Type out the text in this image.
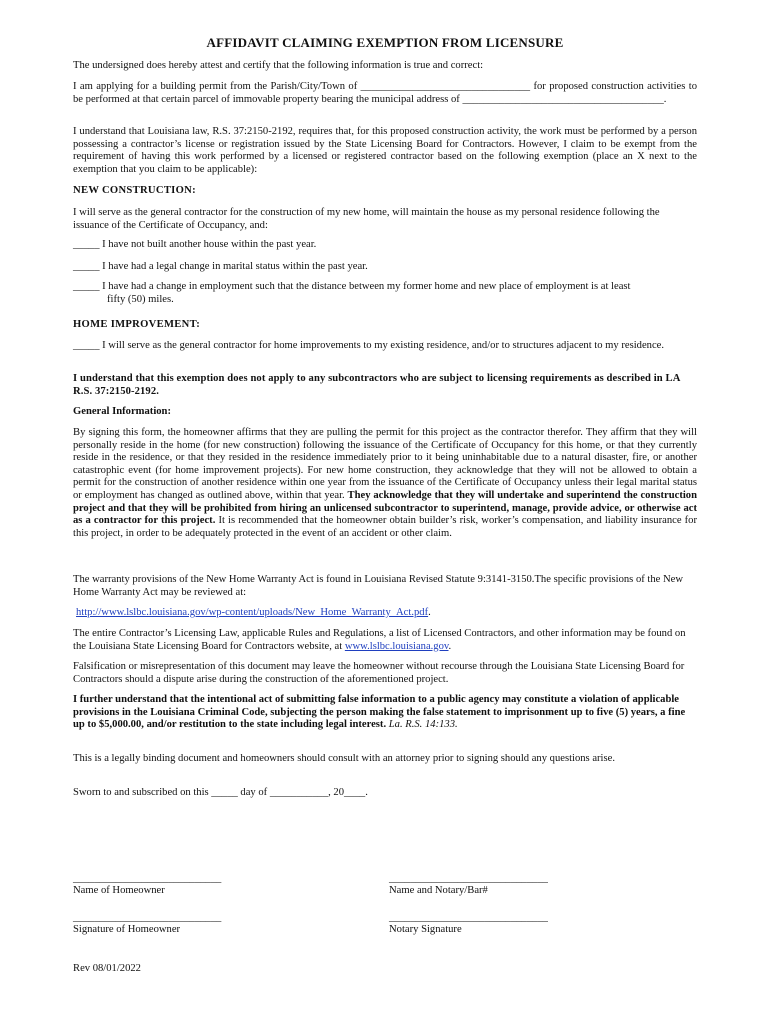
AFFIDAVIT CLAIMING EXEMPTION FROM LICENSURE

The undersigned does hereby attest and certify that the following information is true and correct:

I am applying for a building permit from the Parish/City/Town of ________________________________ for proposed construction activities to be performed at that certain parcel of immovable property bearing the municipal address of ______________________________________.

I understand that Louisiana law, R.S. 37:2150-2192, requires that, for this proposed construction activity, the work must be performed by a person possessing a contractor’s license or registration issued by the State Licensing Board for Contractors. However, I claim to be exempt from the requirement of having this work performed by a licensed or registered contractor based on the following exemption (place an X next to the exemption that you claim to be applicable):

NEW CONSTRUCTION:

I will serve as the general contractor for the construction of my new home, will maintain the house as my personal residence following the issuance of the Certificate of Occupancy, and:

_____ I have not built another house within the past year.
_____ I have had a legal change in marital status within the past year.
_____ I have had a change in employment such that the distance between my former home and new place of employment is at least fifty (50) miles.

HOME IMPROVEMENT:

_____ I will serve as the general contractor for home improvements to my existing residence, and/or to structures adjacent to my residence.

I understand that this exemption does not apply to any subcontractors who are subject to licensing requirements as described in LA R.S. 37:2150-2192.

General Information:

By signing this form, the homeowner affirms that they are pulling the permit for this project as the contractor therefor. They affirm that they will personally reside in the home (for new construction) following the issuance of the Certificate of Occupancy for this home, or that they currently reside in the residence, or that they resided in the residence immediately prior to it being uninhabitable due to a natural disaster, fire, or another catastrophic event (for home improvement projects). For new home construction, they acknowledge that they will not be allowed to obtain a permit for the construction of another residence within one year from the issuance of the Certificate of Occupancy unless their legal marital status or employment has changed as outlined above, within that year. They acknowledge that they will undertake and superintend the construction project and that they will be prohibited from hiring an unlicensed subcontractor to superintend, manage, provide advice, or otherwise act as a contractor for this project. It is recommended that the homeowner obtain builder’s risk, worker’s compensation, and liability insurance for this project, in order to be adequately protected in the event of an accident or other claim.

The warranty provisions of the New Home Warranty Act is found in Louisiana Revised Statute 9:3141-3150.The specific provisions of the New Home Warranty Act may be reviewed at:

http://www.lslbc.louisiana.gov/wp-content/uploads/New_Home_Warranty_Act.pdf.

The entire Contractor’s Licensing Law, applicable Rules and Regulations, a list of Licensed Contractors, and other information may be found on the Louisiana State Licensing Board for Contractors website, at www.lslbc.louisiana.gov.

Falsification or misrepresentation of this document may leave the homeowner without recourse through the Louisiana State Licensing Board for Contractors should a dispute arise during the construction of the aforementioned project.

I further understand that the intentional act of submitting false information to a public agency may constitute a violation of applicable provisions in the Louisiana Criminal Code, subjecting the person making the false statement to imprisonment up to five (5) years, a fine up to $5,000.00, and/or restitution to the state including legal interest. La. R.S. 14:133.

This is a legally binding document and homeowners should consult with an attorney prior to signing should any questions arise.

Sworn to and subscribed on this _____ day of ___________, 20____.

____________________________
Name of Homeowner
______________________________
Name and Notary/Bar#
____________________________
Signature of Homeowner
______________________________
Notary Signature

Rev 08/01/2022
